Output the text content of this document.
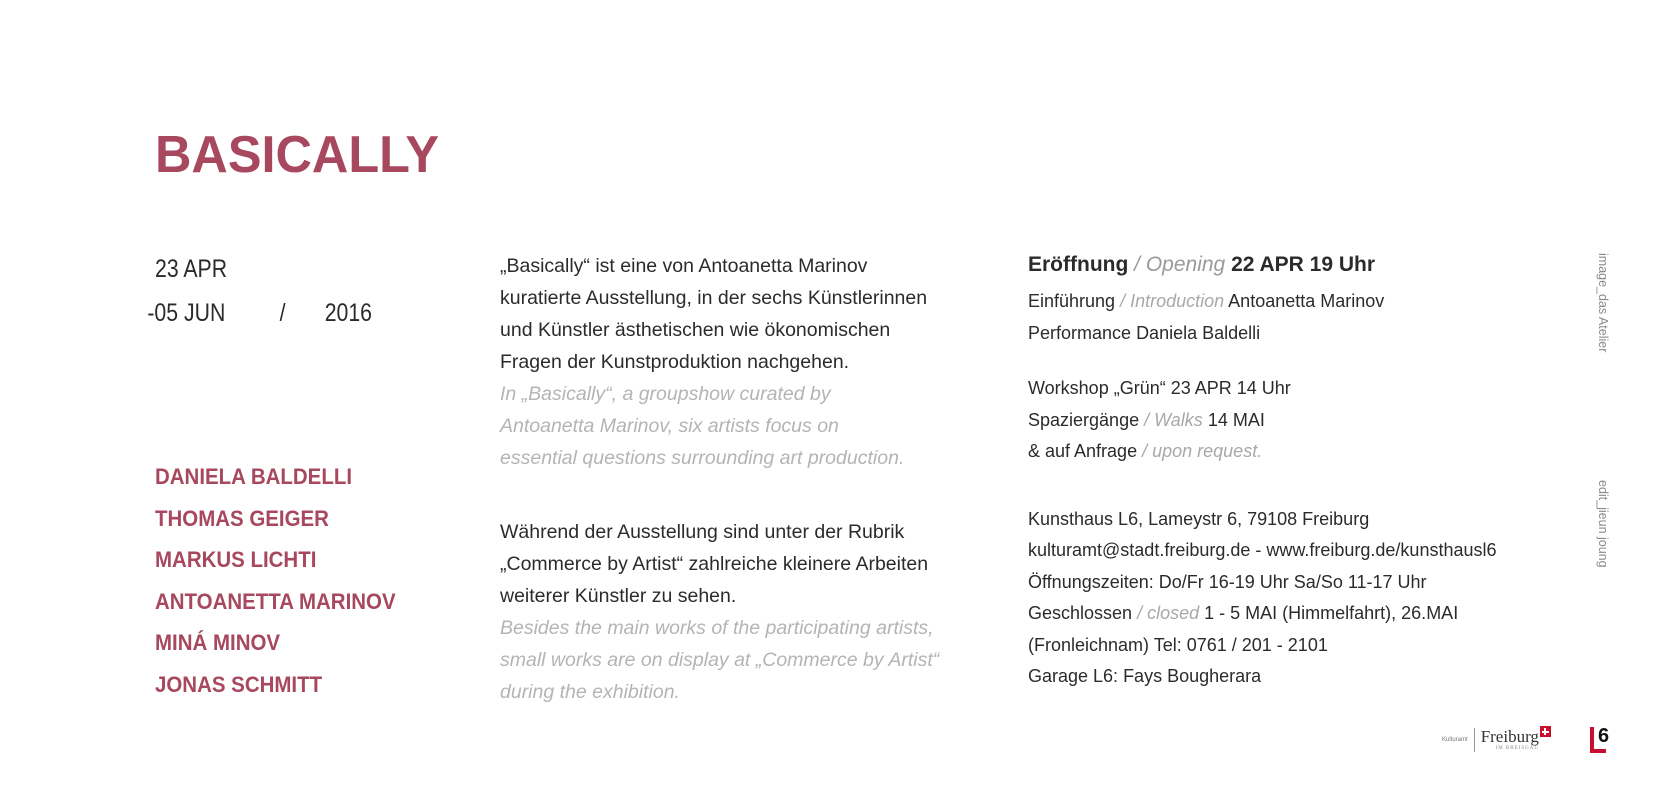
BASICALLY
23 APR
-05 JUN / 2016
DANIELA BALDELLI
THOMAS GEIGER
MARKUS LICHTI
ANTOANETTA MARINOV
MINÁ MINOV
JONAS SCHMITT

„Basically“ ist eine von Antoanetta Marinov

kuratierte Ausstellung, in der sechs Künstlerinnen

und Künstler ästhetischen wie ökonomischen

Fragen der Kunstproduktion nachgehen.

In „Basically“, a groupshow curated by

Antoanetta Marinov, six artists focus on

essential questions surrounding art production.

Während der Ausstellung sind unter der Rubrik

„Commerce by Artist“ zahlreiche kleinere Arbeiten

weiterer Künstler zu sehen.

Besides the main works of the participating artists,

small works are on display at „Commerce by Artist“

during the exhibition.

Eröffnung / Opening 22 APR 19 Uhr
Einführung / Introduction Antoanetta Marinov
Performance Daniela Baldelli
Workshop „Grün“ 23 APR 14 Uhr
Spaziergänge / Walks 14 MAI
& auf Anfrage / upon request.
Kunsthaus L6, Lameystr 6, 79108 Freiburg
kulturamt@stadt.freiburg.de - www.freiburg.de/kunsthausl6
Öffnungszeiten: Do/Fr 16-19 Uhr Sa/So 11-17 Uhr
Geschlossen / closed 1 - 5 MAI (Himmelfahrt), 26.MAI
(Fronleichnam) Tel: 0761 / 201 - 2101
Garage L6: Fays Bougherara
image_das Atelier
edit_jieun joung
Kulturamt Freiburg
IM BREISGAU
6
